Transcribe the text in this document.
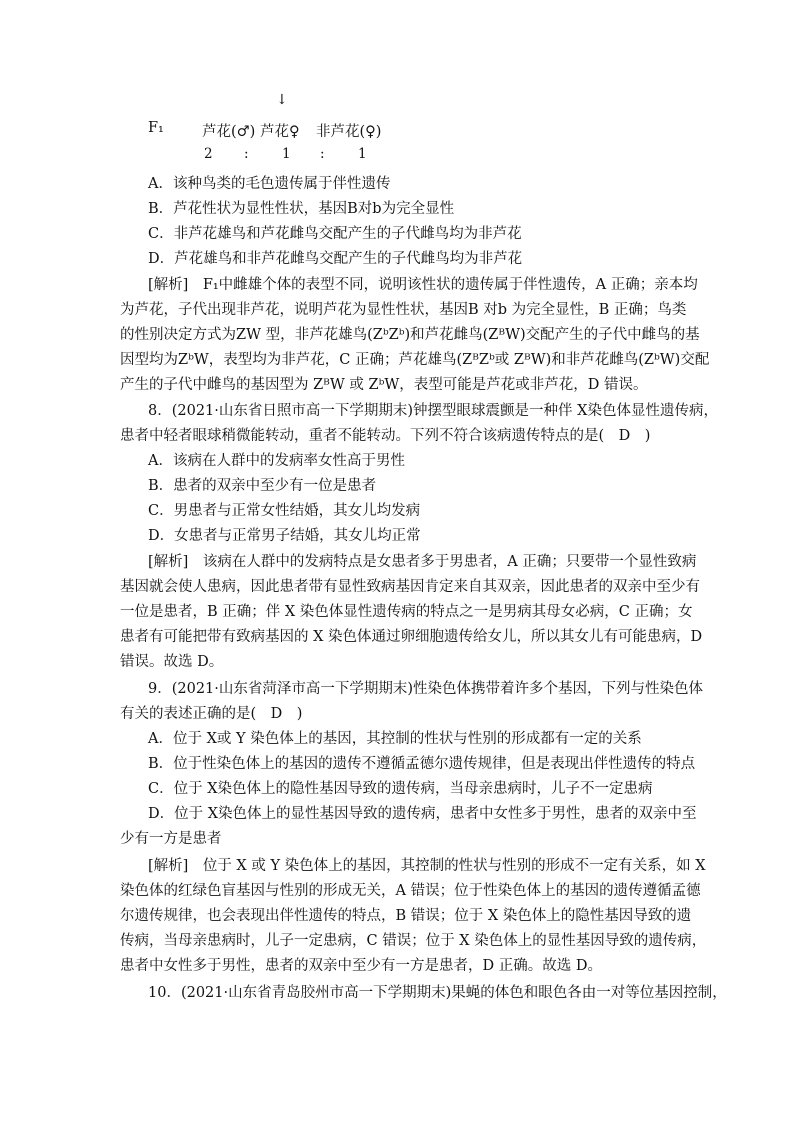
↓
F₁	芦花(♂) 芦花♀ 非芦花(♀)
2 : 1 : 1
A．该种鸟类的毛色遗传属于伴性遗传
B．芦花性状为显性性状，基因B对b为完全显性
C．非芦花雄鸟和芦花雌鸟交配产生的子代雌鸟均为非芦花
D．芦花雄鸟和非芦花雌鸟交配产生的子代雌鸟均为非芦花
[解析]　F₁中雌雄个体的表型不同，说明该性状的遗传属于伴性遗传，A 正确；亲本均
为芦花，子代出现非芦花，说明芦花为显性性状，基因B 对b 为完全显性，B 正确；鸟类
的性别决定方式为ZW 型，非芦花雄鸟(ZᵇZᵇ)和芦花雌鸟(ZᴮW)交配产生的子代中雌鸟的基
因型均为ZᵇW，表型均为非芦花，C 正确；芦花雄鸟(ZᴮZᵇ或 ZᴮW)和非芦花雌鸟(ZᵇW)交配
产生的子代中雌鸟的基因型为 ZᴮW 或 ZᵇW，表型可能是芦花或非芦花，D 错误。
8．(2021·山东省日照市高一下学期期末)钟摆型眼球震颤是一种伴 X染色体显性遗传病，
患者中轻者眼球稍微能转动，重者不能转动。下列不符合该病遗传特点的是(　D　)
A．该病在人群中的发病率女性高于男性
B．患者的双亲中至少有一位是患者
C．男患者与正常女性结婚，其女儿均发病
D．女患者与正常男子结婚，其女儿均正常
[解析]　该病在人群中的发病特点是女患者多于男患者，A 正确；只要带一个显性致病
基因就会使人患病，因此患者带有显性致病基因肯定来自其双亲，因此患者的双亲中至少有
一位是患者，B 正确；伴 X 染色体显性遗传病的特点之一是男病其母女必病，C 正确；女
患者有可能把带有致病基因的 X 染色体通过卵细胞遗传给女儿，所以其女儿有可能患病，D
错误。故选 D。
9．(2021·山东省菏泽市高一下学期期末)性染色体携带着许多个基因，下列与性染色体
有关的表述正确的是(　D　)
A．位于 X或 Y 染色体上的基因，其控制的性状与性别的形成都有一定的关系
B．位于性染色体上的基因的遗传不遵循孟德尔遗传规律，但是表现出伴性遗传的特点
C．位于 X染色体上的隐性基因导致的遗传病，当母亲患病时，儿子不一定患病
D．位于 X染色体上的显性基因导致的遗传病，患者中女性多于男性，患者的双亲中至
少有一方是患者
[解析]　位于 X 或 Y 染色体上的基因，其控制的性状与性别的形成不一定有关系，如 X
染色体的红绿色盲基因与性别的形成无关，A 错误；位于性染色体上的基因的遗传遵循孟德
尔遗传规律，也会表现出伴性遗传的特点，B 错误；位于 X 染色体上的隐性基因导致的遗
传病，当母亲患病时，儿子一定患病，C 错误；位于 X 染色体上的显性基因导致的遗传病，
患者中女性多于男性，患者的双亲中至少有一方是患者，D 正确。故选 D。
10．(2021·山东省青岛胶州市高一下学期期末)果蝇的体色和眼色各由一对等位基因控制，
